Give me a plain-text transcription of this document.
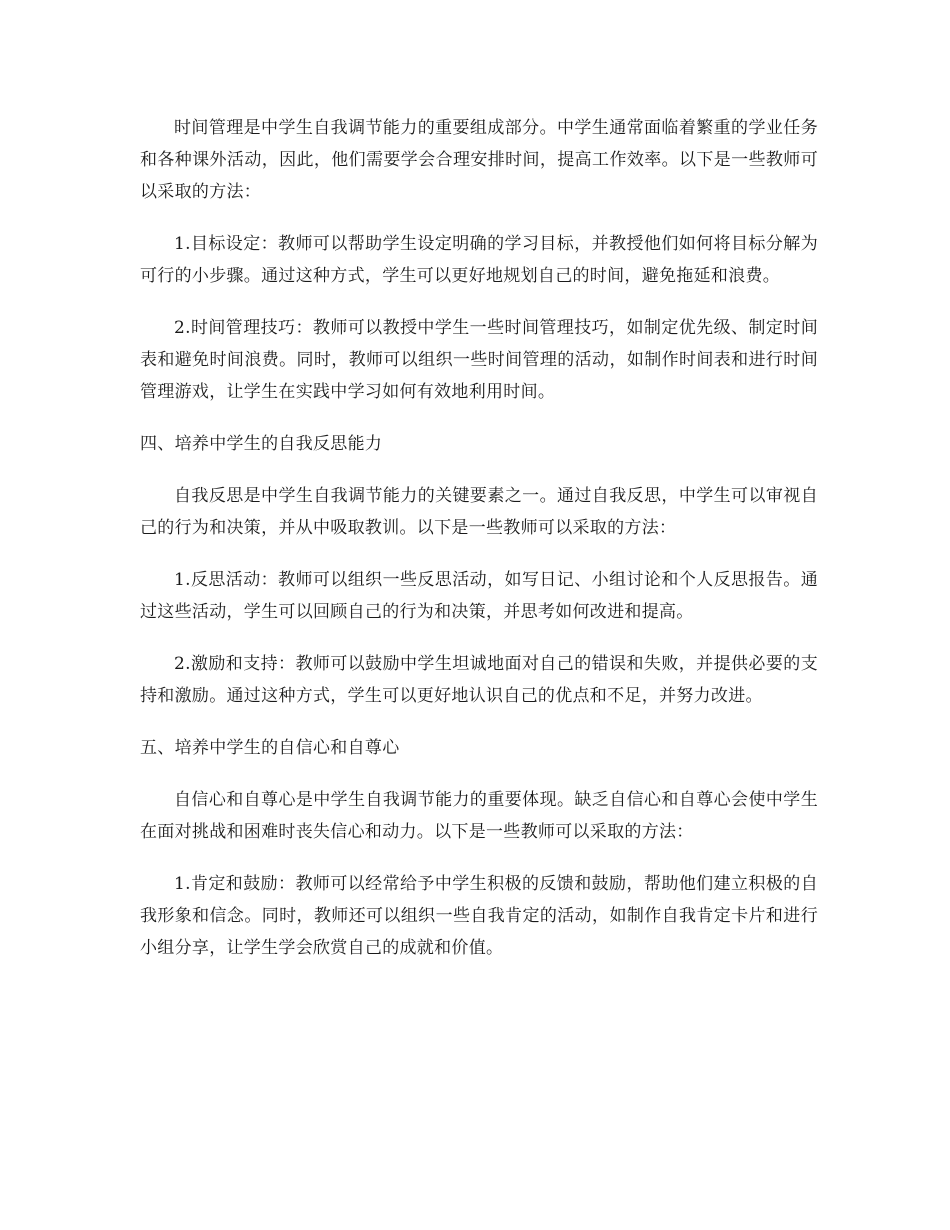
时间管理是中学生自我调节能力的重要组成部分。中学生通常面临着繁重的学业任务和各种课外活动，因此，他们需要学会合理安排时间，提高工作效率。以下是一些教师可以采取的方法：

1.目标设定：教师可以帮助学生设定明确的学习目标，并教授他们如何将目标分解为可行的小步骤。通过这种方式，学生可以更好地规划自己的时间，避免拖延和浪费。

2.时间管理技巧：教师可以教授中学生一些时间管理技巧，如制定优先级、制定时间表和避免时间浪费。同时，教师可以组织一些时间管理的活动，如制作时间表和进行时间管理游戏，让学生在实践中学习如何有效地利用时间。

四、培养中学生的自我反思能力

自我反思是中学生自我调节能力的关键要素之一。通过自我反思，中学生可以审视自己的行为和决策，并从中吸取教训。以下是一些教师可以采取的方法：

1.反思活动：教师可以组织一些反思活动，如写日记、小组讨论和个人反思报告。通过这些活动，学生可以回顾自己的行为和决策，并思考如何改进和提高。

2.激励和支持：教师可以鼓励中学生坦诚地面对自己的错误和失败，并提供必要的支持和激励。通过这种方式，学生可以更好地认识自己的优点和不足，并努力改进。

五、培养中学生的自信心和自尊心

自信心和自尊心是中学生自我调节能力的重要体现。缺乏自信心和自尊心会使中学生在面对挑战和困难时丧失信心和动力。以下是一些教师可以采取的方法：

1.肯定和鼓励：教师可以经常给予中学生积极的反馈和鼓励，帮助他们建立积极的自我形象和信念。同时，教师还可以组织一些自我肯定的活动，如制作自我肯定卡片和进行小组分享，让学生学会欣赏自己的成就和价值。
